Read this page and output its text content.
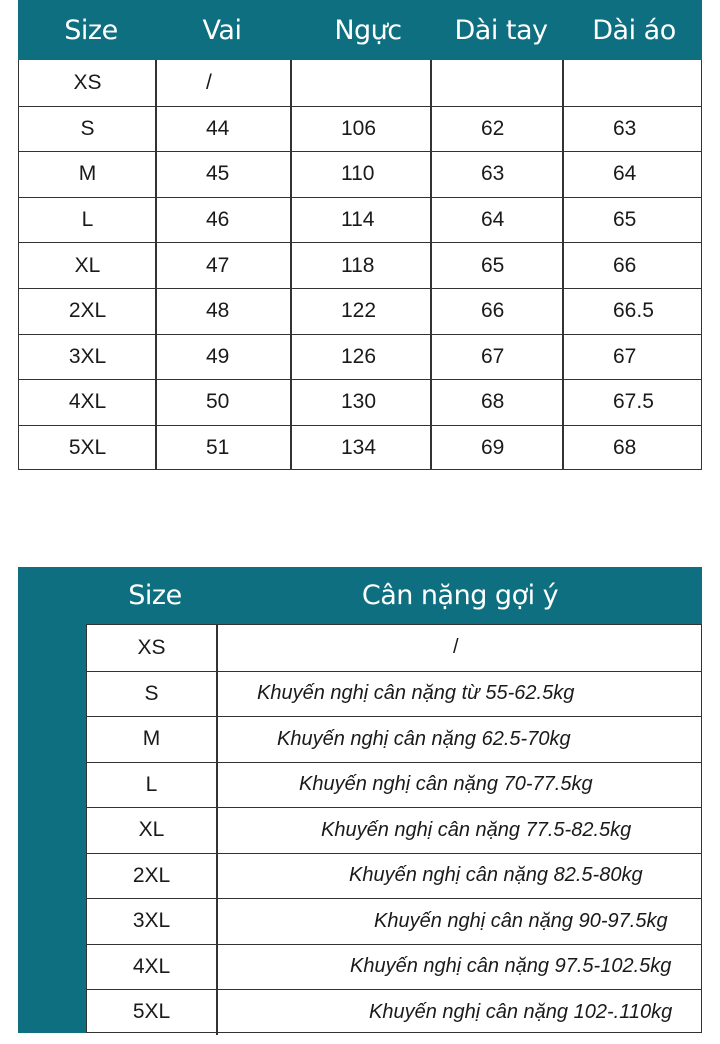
Size	Vai	Ngực	Dài tay	Dài áo
XS	/
S	44	106	62	63
M	45	110	63	64
L	46	114	64	65
XL	47	118	65	66
2XL	48	122	66	66.5
3XL	49	126	67	67
4XL	50	130	68	67.5
5XL	51	134	69	68
Size	Cân nặng gợi ý
XS	/
S	Khuyến nghị cân nặng từ 55-62.5kg
M	Khuyến nghị cân nặng 62.5-70kg
L	Khuyến nghị cân nặng 70-77.5kg
XL	Khuyến nghị cân nặng 77.5-82.5kg
2XL	Khuyến nghị cân nặng 82.5-80kg
3XL	Khuyến nghị cân nặng 90-97.5kg
4XL	Khuyến nghị cân nặng 97.5-102.5kg
5XL	Khuyến nghị cân nặng 102-.110kg
